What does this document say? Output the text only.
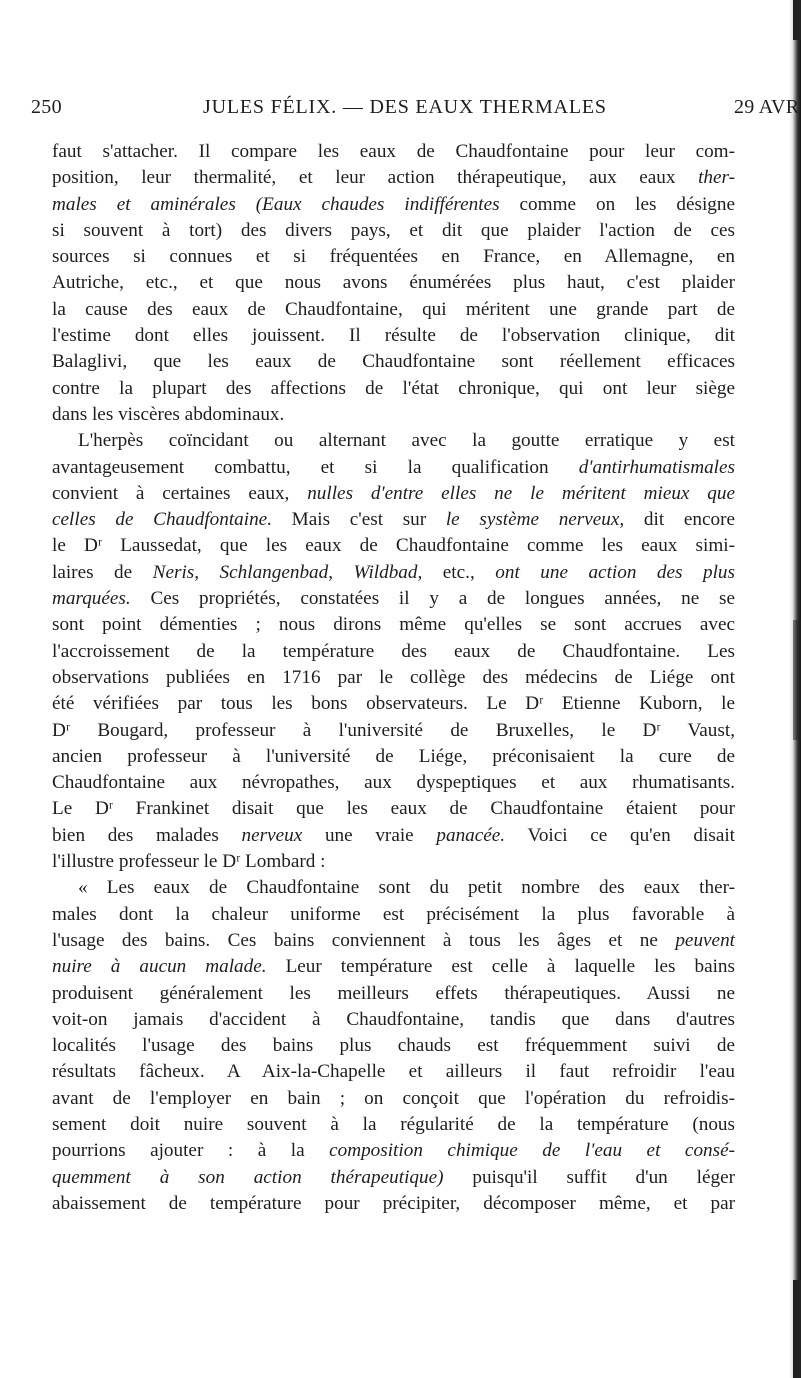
250	JULES FÉLIX. — DES EAUX THERMALES	29 AVR
faut s'attacher. Il compare les eaux de Chaudfontaine pour leur com-
position, leur thermalité, et leur action thérapeutique, aux eaux ther-
males et aminérales (Eaux chaudes indifférentes comme on les désigne
si souvent à tort) des divers pays, et dit que plaider l'action de ces
sources si connues et si fréquentées en France, en Allemagne, en
Autriche, etc., et que nous avons énumérées plus haut, c'est plaider
la cause des eaux de Chaudfontaine, qui méritent une grande part de
l'estime dont elles jouissent. Il résulte de l'observation clinique, dit
Balaglivi, que les eaux de Chaudfontaine sont réellement efficaces
contre la plupart des affections de l'état chronique, qui ont leur siège
dans les viscères abdominaux.
L'herpès coïncidant ou alternant avec la goutte erratique y est
avantageusement combattu, et si la qualification d'antirhumatismales
convient à certaines eaux, nulles d'entre elles ne le méritent mieux que
celles de Chaudfontaine. Mais c'est sur le système nerveux, dit encore
le Dʳ Laussedat, que les eaux de Chaudfontaine comme les eaux simi-
laires de Neris, Schlangenbad, Wildbad, etc., ont une action des plus
marquées. Ces propriétés, constatées il y a de longues années, ne se
sont point démenties ; nous dirons même qu'elles se sont accrues avec
l'accroissement de la température des eaux de Chaudfontaine. Les
observations publiées en 1716 par le collège des médecins de Liége ont
été vérifiées par tous les bons observateurs. Le Dʳ Etienne Kuborn, le
Dʳ Bougard, professeur à l'université de Bruxelles, le Dʳ Vaust,
ancien professeur à l'université de Liége, préconisaient la cure de
Chaudfontaine aux névropathes, aux dyspeptiques et aux rhumatisants.
Le Dʳ Frankinet disait que les eaux de Chaudfontaine étaient pour
bien des malades nerveux une vraie panacée. Voici ce qu'en disait
l'illustre professeur le Dʳ Lombard :
« Les eaux de Chaudfontaine sont du petit nombre des eaux ther-
males dont la chaleur uniforme est précisément la plus favorable à
l'usage des bains. Ces bains conviennent à tous les âges et ne peuvent
nuire à aucun malade. Leur température est celle à laquelle les bains
produisent généralement les meilleurs effets thérapeutiques. Aussi ne
voit-on jamais d'accident à Chaudfontaine, tandis que dans d'autres
localités l'usage des bains plus chauds est fréquemment suivi de
résultats fâcheux. A Aix-la-Chapelle et ailleurs il faut refroidir l'eau
avant de l'employer en bain ; on conçoit que l'opération du refroidis-
sement doit nuire souvent à la régularité de la température (nous
pourrions ajouter : à la composition chimique de l'eau et consé-
quemment à son action thérapeutique) puisqu'il suffit d'un léger
abaissement de température pour précipiter, décomposer même, et par
